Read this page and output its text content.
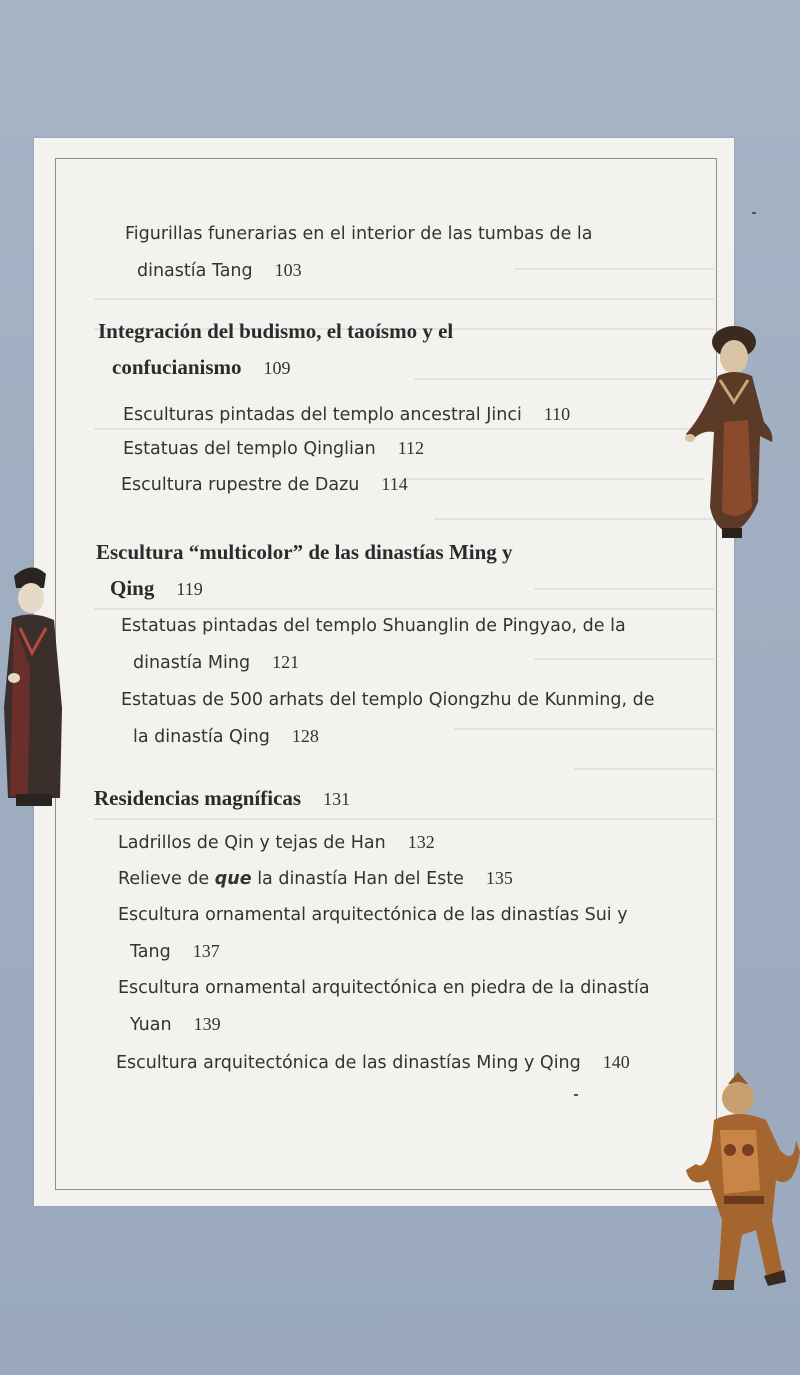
Figurillas funerarias en el interior de las tumbas de la
dinastía Tang 103
Integración del budismo, el taoísmo y el
confucianismo 109
Esculturas pintadas del templo ancestral Jinci 110
Estatuas del templo Qinglian 112
Escultura rupestre de Dazu 114
Escultura “multicolor” de las dinastías Ming y
Qing 119
Estatuas pintadas del templo Shuanglin de Pingyao, de la
dinastía Ming 121
Estatuas de 500 arhats del templo Qiongzhu de Kunming, de
la dinastía Qing 128
Residencias magníficas 131
Ladrillos de Qin y tejas de Han 132
Relieve de que la dinastía Han del Este 135
Escultura ornamental arquitectónica de las dinastías Sui y
Tang 137
Escultura ornamental arquitectónica en piedra de la dinastía
Yuan 139
Escultura arquitectónica de las dinastías Ming y Qing 140
